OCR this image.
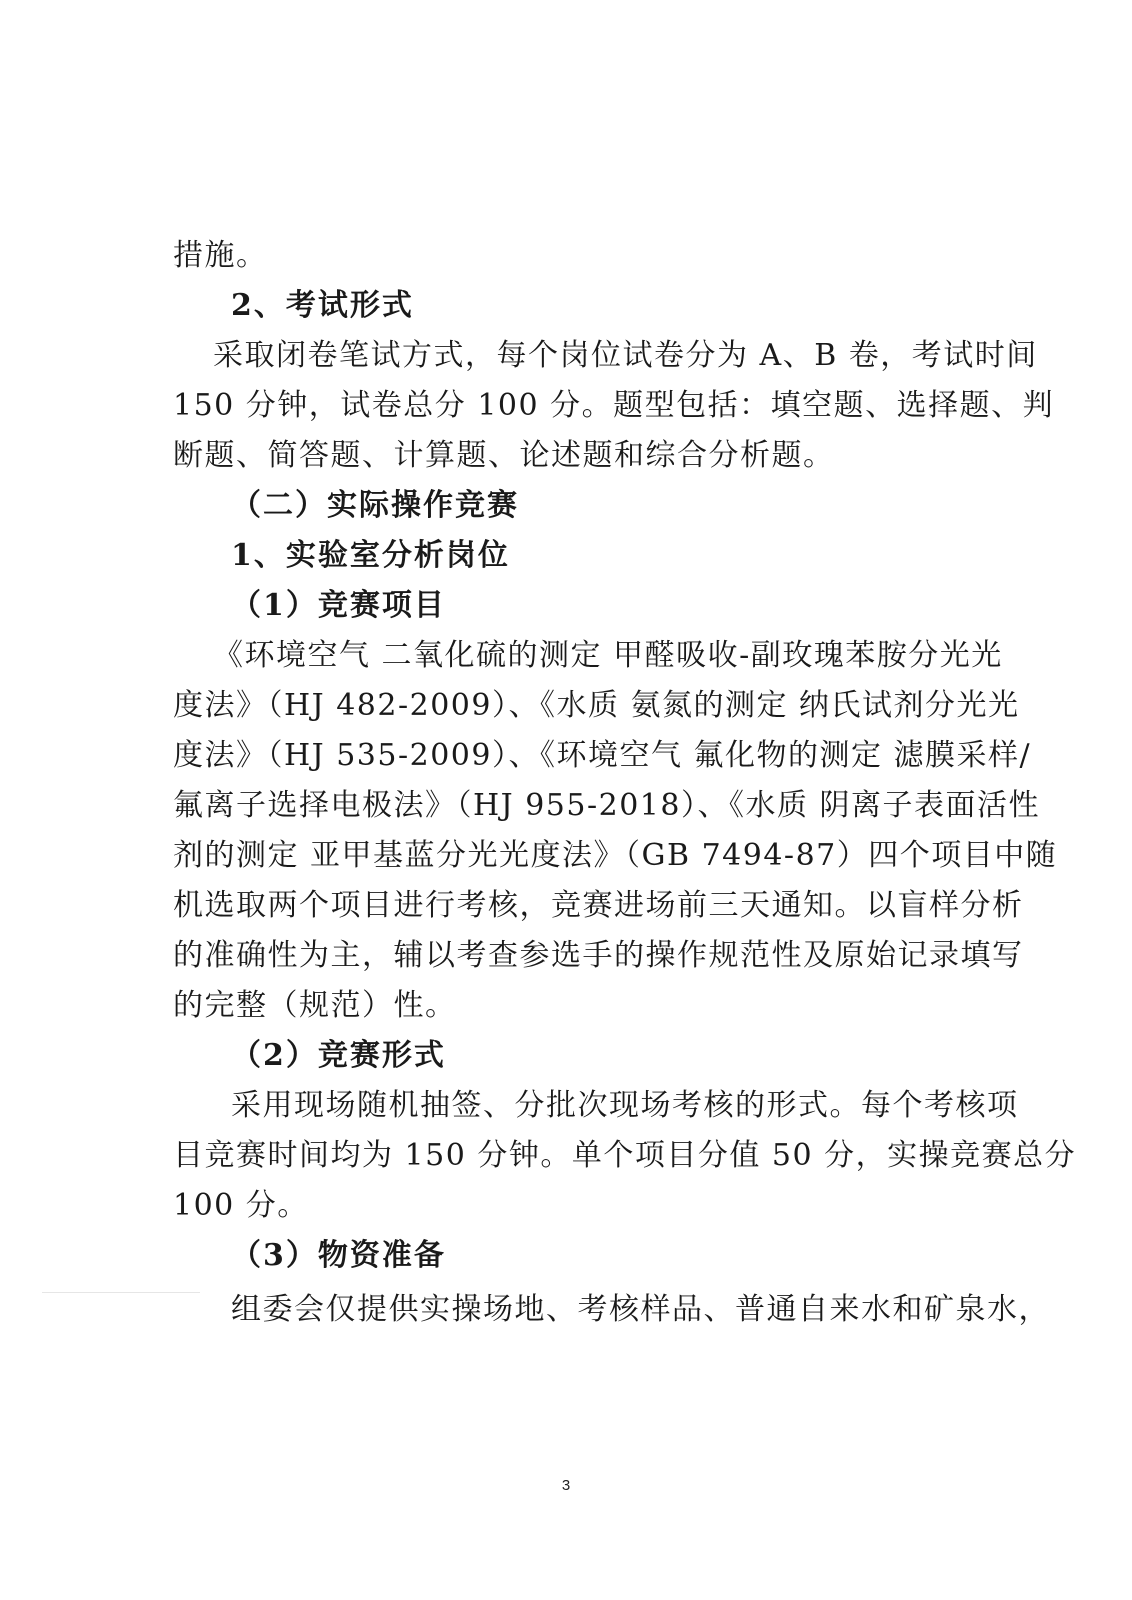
措施。
2、考试形式
采取闭卷笔试方式，每个岗位试卷分为 A、B 卷，考试时间
150 分钟，试卷总分 100 分。题型包括：填空题、选择题、判
断题、简答题、计算题、论述题和综合分析题。
（二）实际操作竞赛
1、实验室分析岗位
（1）竞赛项目
《环境空气 二氧化硫的测定 甲醛吸收-副玫瑰苯胺分光光
度法》（HJ 482-2009）、《水质 氨氮的测定 纳氏试剂分光光
度法》（HJ 535-2009）、《环境空气 氟化物的测定 滤膜采样/
氟离子选择电极法》（HJ 955-2018）、《水质 阴离子表面活性
剂的测定 亚甲基蓝分光光度法》（GB 7494-87）四个项目中随
机选取两个项目进行考核，竞赛进场前三天通知。以盲样分析
的准确性为主，辅以考查参选手的操作规范性及原始记录填写
的完整（规范）性。
（2）竞赛形式
采用现场随机抽签、分批次现场考核的形式。每个考核项
目竞赛时间均为 150 分钟。单个项目分值 50 分，实操竞赛总分
100 分。
（3）物资准备
组委会仅提供实操场地、考核样品、普通自来水和矿泉水，
3
